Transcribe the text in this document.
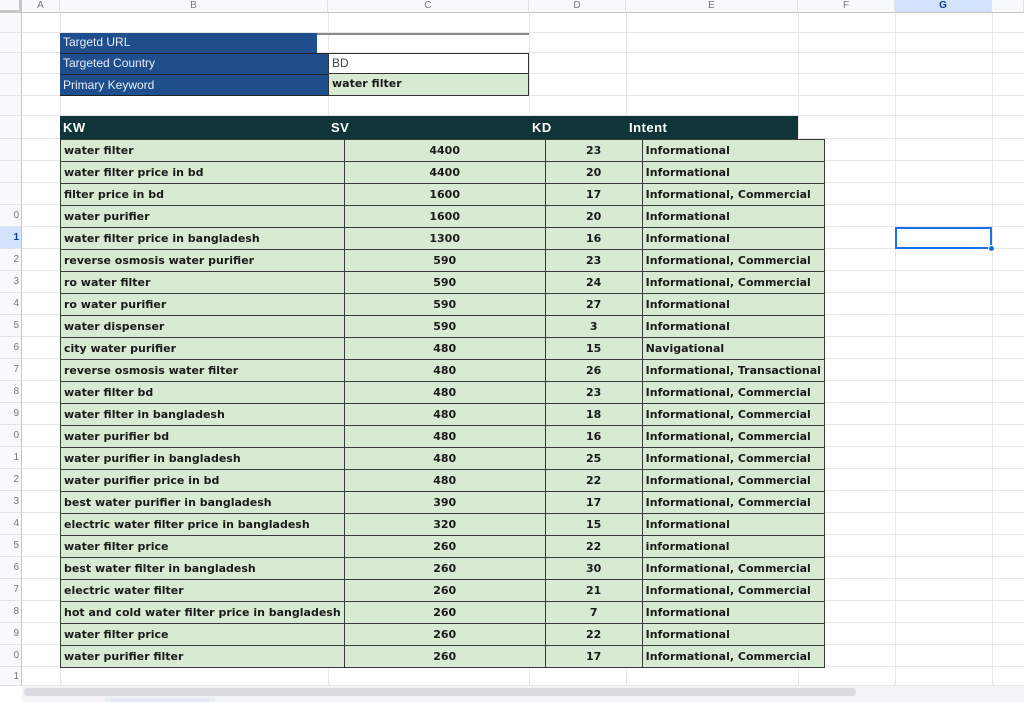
A	B	C	D	E	F	G
0
1
2
3
4
5
6
7
8
9
0
1
2
3
4
5
6
7
8
9
0
1
Targetd URL
Targeted Country	BD
Primary Keyword	water filter
KW	SV	KD	Intent
water filter	4400	23	Informational
water filter price in bd	4400	20	Informational
filter price in bd	1600	17	Informational, Commercial
water purifier	1600	20	Informational
water filter price in bangladesh	1300	16	Informational
reverse osmosis water purifier	590	23	Informational, Commercial
ro water filter	590	24	Informational, Commercial
ro water purifier	590	27	Informational
water dispenser	590	3	Informational
city water purifier	480	15	Navigational
reverse osmosis water filter	480	26	Informational, Transactional
water filter bd	480	23	Informational, Commercial
water filter in bangladesh	480	18	Informational, Commercial
water purifier bd	480	16	Informational, Commercial
water purifier in bangladesh	480	25	Informational, Commercial
water purifier price in bd	480	22	Informational, Commercial
best water purifier in bangladesh	390	17	Informational, Commercial
electric water filter price in bangladesh	320	15	Informational
water filter price	260	22	informational
best water filter in bangladesh	260	30	Informational, Commercial
electric water filter	260	21	Informational, Commercial
hot and cold water filter price in bangladesh	260	7	Informational
water filter price	260	22	Informational
water purifier filter	260	17	Informational, Commercial
